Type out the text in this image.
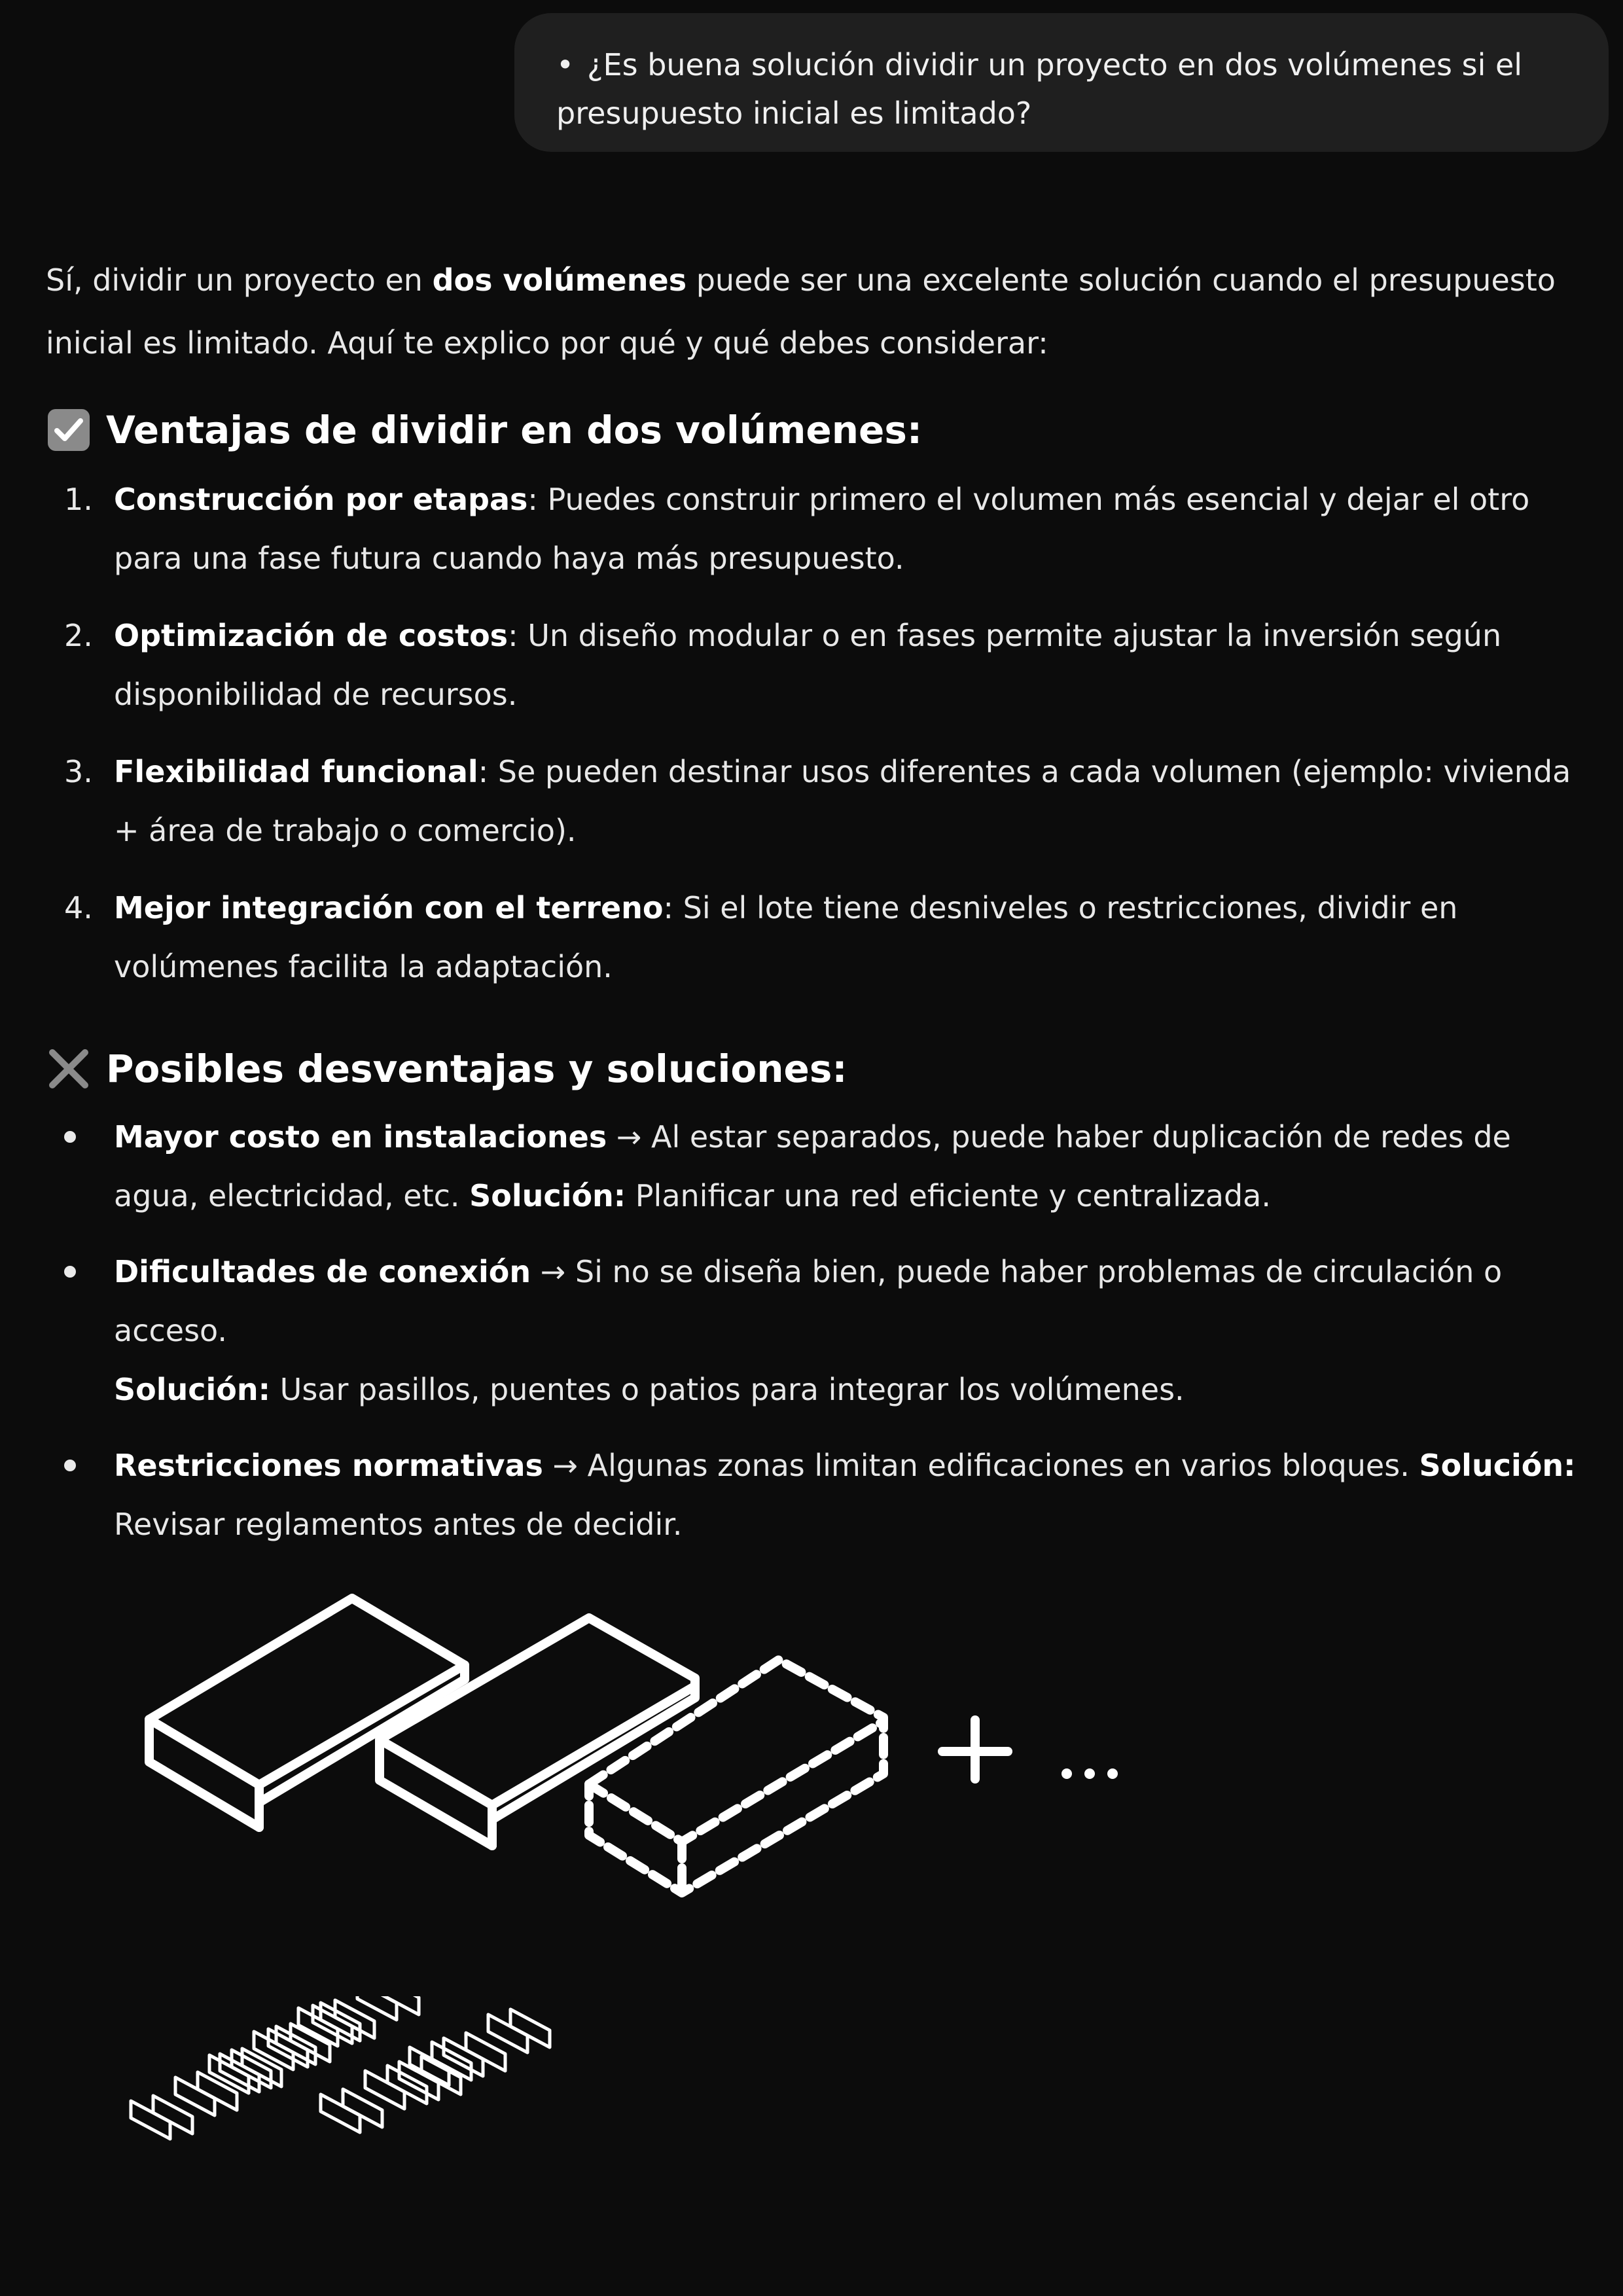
• ¿Es buena solución dividir un proyecto en dos volúmenes si el presupuesto inicial es limitado?

Sí, dividir un proyecto en dos volúmenes puede ser una excelente solución cuando el presupuesto inicial es limitado. Aquí te explico por qué y qué debes considerar:

Ventajas de dividir en dos volúmenes:
1. Construcción por etapas: Puedes construir primero el volumen más esencial y dejar el otro para una fase futura cuando haya más presupuesto.
2. Optimización de costos: Un diseño modular o en fases permite ajustar la inversión según disponibilidad de recursos.
3. Flexibilidad funcional: Se pueden destinar usos diferentes a cada volumen (ejemplo: vivienda + área de trabajo o comercio).
4. Mejor integración con el terreno: Si el lote tiene desniveles o restricciones, dividir en volúmenes facilita la adaptación.
Posibles desventajas y soluciones:
Mayor costo en instalaciones → Al estar separados, puede haber duplicación de redes de agua, electricidad, etc. Solución: Planificar una red eficiente y centralizada.
Dificultades de conexión → Si no se diseña bien, puede haber problemas de circulación o acceso.
Solución: Usar pasillos, puentes o patios para integrar los volúmenes.
Restricciones normativas → Algunas zonas limitan edificaciones en varios bloques. Solución: Revisar reglamentos antes de decidir.
